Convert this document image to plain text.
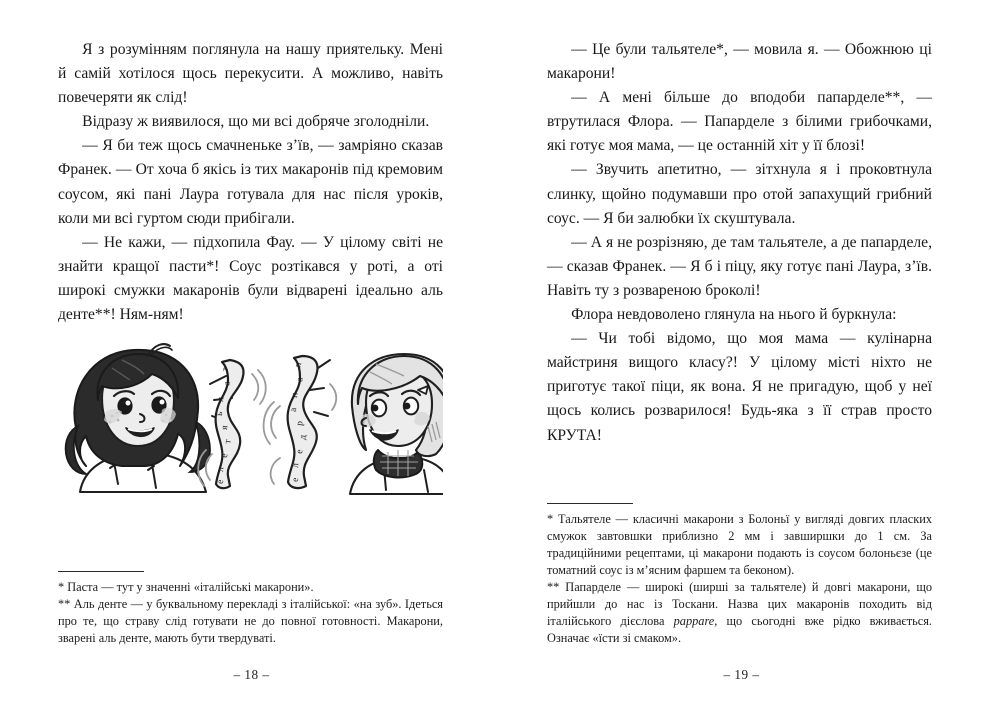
Я з розумінням поглянула на нашу приятельку. Мені й самій хотілося щось перекусити. А можливо, навіть повечеряти як слід!

Відразу ж виявилося, що ми всі добряче зголодніли.

— Я би теж щось смачненьке з’їв, — замріяно сказав Франек. — От хоча б якісь із тих макаронів під кремовим соусом, які пані Лаура готувала для нас після уроків, коли ми всі гуртом сюди прибігали.

— Не кажи, — підхопила Фау. — У цілому світі не знайти кращої пасти*! Соус розтікався у роті, а оті широкі смужки макаронів були відварені ідеально аль денте**! Ням-ням!

т
а
л
ь
я
т
е
л
е
п
а
п
а
р
д
е
л
е

* Паста — тут у значенні «італійські макарони».

** Аль денте — у буквальному перекладі з італійської: «на зуб». Ідеться про те, що страву слід готувати не до повної готовності. Макарони, зварені аль денте, мають бути твердуваті.

– 18 –

— Це були тальятеле*, — мовила я. — Обожнюю ці макарони!

— А мені більше до вподоби папарделе**, — втрутилася Флора. — Папарделе з білими грибочками, які готує моя мама, — це останній хіт у її блозі!

— Звучить апетитно, — зітхнула я і проковтнула слинку, щойно подумавши про отой запахущий грибний соус. — Я би залюбки їх скуштувала.

— А я не розрізняю, де там тальятеле, а де папарделе, — сказав Франек. — Я б і піцу, яку готує пані Лаура, з’їв. Навіть ту з розвареною броколі!

Флора невдоволено глянула на нього й буркнула:

— Чи тобі відомо, що моя мама — кулінарна майстриня вищого класу?! У цілому місті ніхто не приготує такої піци, як вона. Я не пригадую, щоб у неї щось колись розварилося! Будь-яка з її страв просто КРУТА!

* Тальятеле — класичні макарони з Болоньї у вигляді довгих пласких смужок завтовшки приблизно 2 мм і завширшки до 1 см. За традиційними рецептами, ці макарони подають із соусом болоньєзе (це томатний соус із м’ясним фаршем та беконом).

** Папарделе — широкі (ширші за тальятеле) й довгі макарони, що прийшли до нас із Тоскани. Назва цих макаронів походить від італійського дієслова pappare, що сьогодні вже рідко вживається. Означає «їсти зі смаком».

– 19 –
